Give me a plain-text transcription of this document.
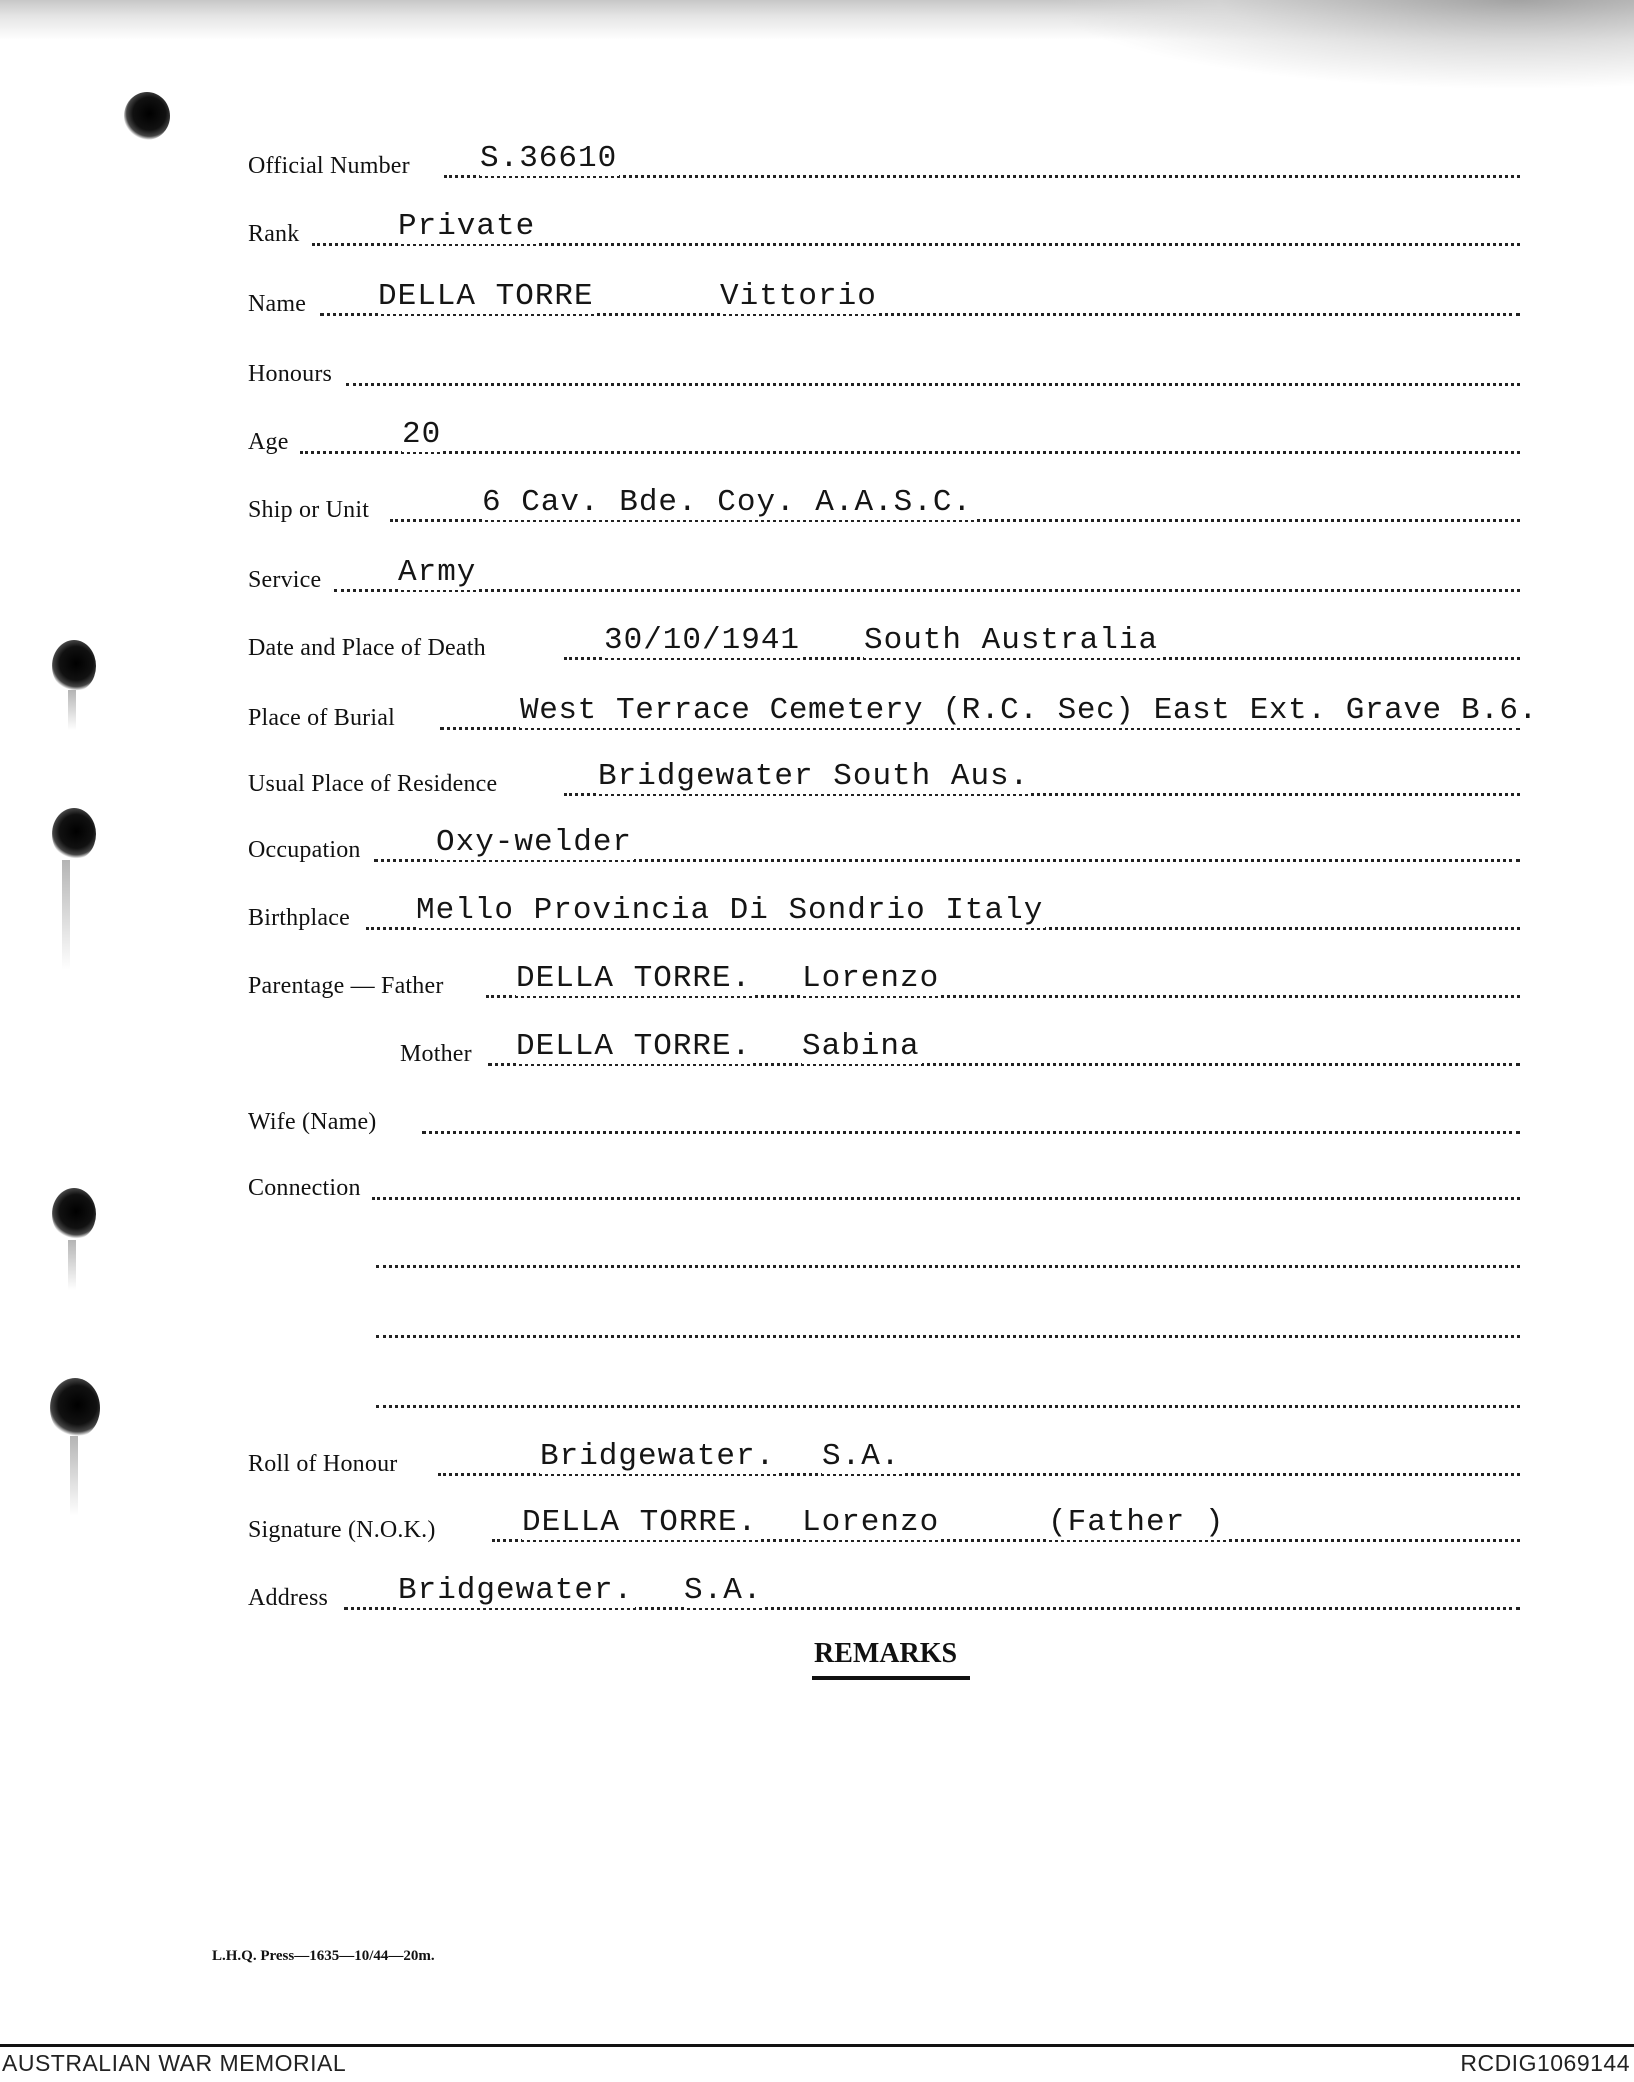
Official Number S.36610
Rank	Private
Name DELLA TORRE	Vittorio
Honours
Age	20
Ship or Unit	6 Cav. Bde. Coy. A.A.S.C.
Service Army
Date and Place of Death	30/10/1941 South Australia
Place of Burial	West Terrace Cemetery (R.C. Sec) East Ext. Grave B.6.
Usual Place of Residence	Bridgewater South Aus.
Occupation Oxy-welder
Birthplace Mello Provincia Di Sondrio Italy
Parentage — Father DELLA TORRE. Lorenzo
Mother DELLA TORRE. Sabina
Wife (Name)
Connection
Roll of Honour	Bridgewater. S.A.
Signature (N.O.K.)	DELLA TORRE. Lorenzo	(Father )
Address Bridgewater. S.A.
REMARKS
L.H.Q. Press—1635—10/44—20m.
AUSTRALIAN WAR MEMORIAL	RCDIG1069144
